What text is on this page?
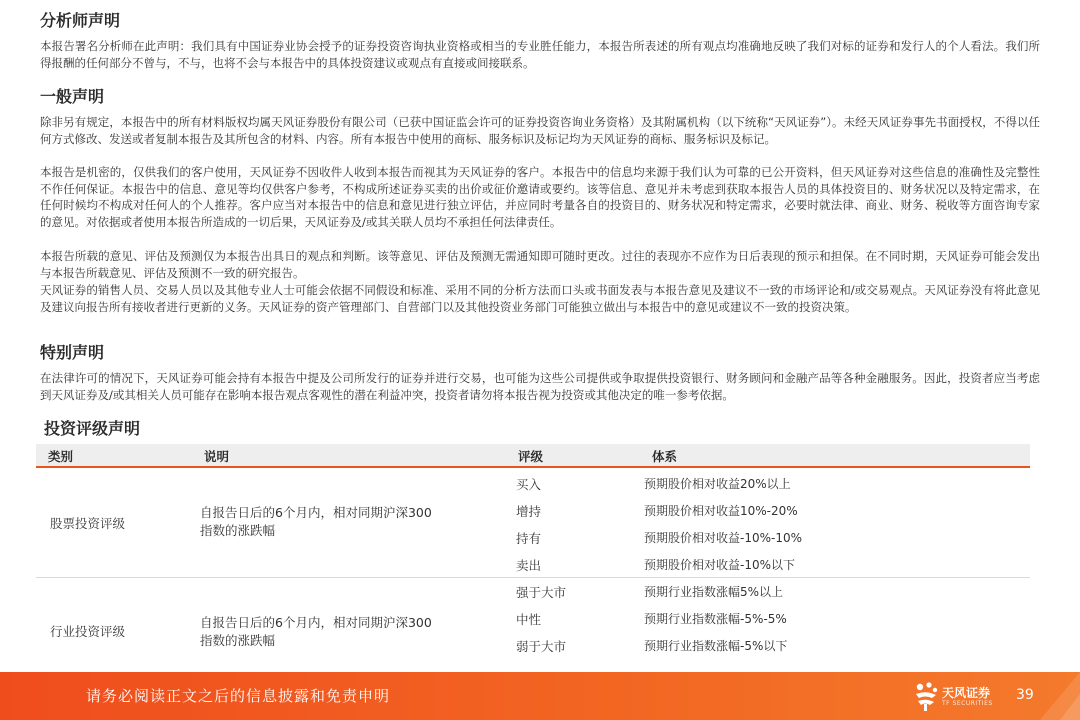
分析师声明

本报告署名分析师在此声明：我们具有中国证券业协会授予的证券投资咨询执业资格或相当的专业胜任能力，本报告所表述的所有观点均准确地反映了我们对标的证券和发行人的个人看法。我们所得报酬的任何部分不曾与，不与，也将不会与本报告中的具体投资建议或观点有直接或间接联系。

一般声明

除非另有规定，本报告中的所有材料版权均属天风证券股份有限公司（已获中国证监会许可的证券投资咨询业务资格）及其附属机构（以下统称“天风证券”）。未经天风证券事先书面授权，不得以任何方式修改、发送或者复制本报告及其所包含的材料、内容。所有本报告中使用的商标、服务标识及标记均为天风证券的商标、服务标识及标记。

本报告是机密的，仅供我们的客户使用，天风证券不因收件人收到本报告而视其为天风证券的客户。本报告中的信息均来源于我们认为可靠的已公开资料，但天风证券对这些信息的准确性及完整性不作任何保证。本报告中的信息、意见等均仅供客户参考，不构成所述证券买卖的出价或征价邀请或要约。该等信息、意见并未考虑到获取本报告人员的具体投资目的、财务状况以及特定需求，在任何时候均不构成对任何人的个人推荐。客户应当对本报告中的信息和意见进行独立评估，并应同时考量各自的投资目的、财务状况和特定需求，必要时就法律、商业、财务、税收等方面咨询专家的意见。对依据或者使用本报告所造成的一切后果，天风证券及/或其关联人员均不承担任何法律责任。

本报告所载的意见、评估及预测仅为本报告出具日的观点和判断。该等意见、评估及预测无需通知即可随时更改。过往的表现亦不应作为日后表现的预示和担保。在不同时期，天风证券可能会发出与本报告所载意见、评估及预测不一致的研究报告。

天风证券的销售人员、交易人员以及其他专业人士可能会依据不同假设和标准、采用不同的分析方法而口头或书面发表与本报告意见及建议不一致的市场评论和/或交易观点。天风证券没有将此意见及建议向报告所有接收者进行更新的义务。天风证券的资产管理部门、自营部门以及其他投资业务部门可能独立做出与本报告中的意见或建议不一致的投资决策。

特别声明

在法律许可的情况下，天风证券可能会持有本报告中提及公司所发行的证券并进行交易，也可能为这些公司提供或争取提供投资银行、财务顾问和金融产品等各种金融服务。因此，投资者应当考虑到天风证券及/或其相关人员可能存在影响本报告观点客观性的潜在利益冲突，投资者请勿将本报告视为投资或其他决定的唯一参考依据。

投资评级声明
类别	说明	评级	体系
股票投资评级

自报告日后的6个月内，相对同期沪深300指数的涨跌幅

买入	预期股价相对收益20%以上
增持	预期股价相对收益10%-20%
持有	预期股价相对收益-10%-10%
卖出	预期股价相对收益-10%以下
行业投资评级

自报告日后的6个月内，相对同期沪深300指数的涨跌幅

强于大市	预期行业指数涨幅5%以上
中性	预期行业指数涨幅-5%-5%
弱于大市	预期行业指数涨幅-5%以下
请务必阅读正文之后的信息披露和免责申明	天风证券
TF SECURITIES
39
